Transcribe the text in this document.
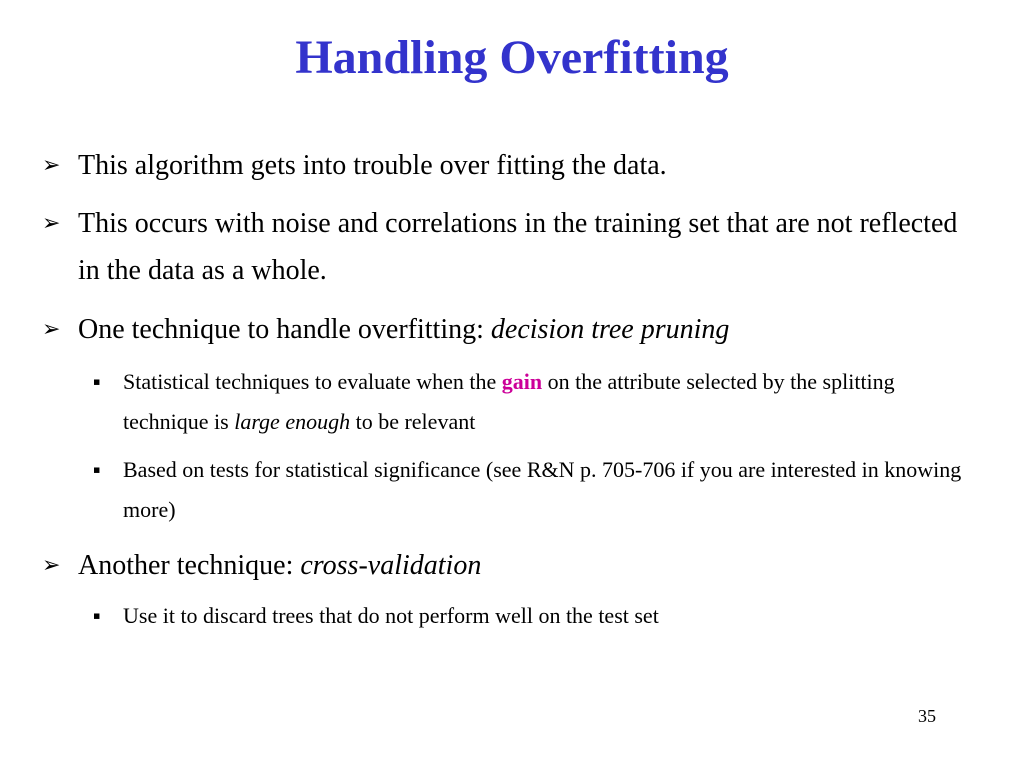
Handling Overfitting
➢ This algorithm gets into trouble over fitting the data.
➢ This occurs with noise and correlations in the training set that are not reflected in the data as a whole.
➢ One technique to handle overfitting: decision tree pruning
▪ Statistical techniques to evaluate when the gain on the attribute selected by the splitting technique is large enough to be relevant
▪ Based on tests for statistical significance (see R&N p. 705-706 if you are interested in knowing more)
➢ Another technique: cross-validation
▪ Use it to discard trees that do not perform well on the test set
35
